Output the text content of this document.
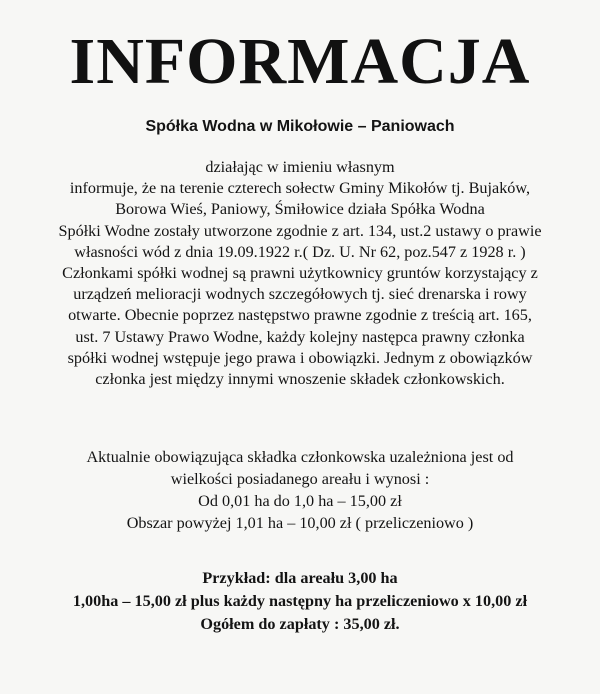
INFORMACJA
Spółka Wodna w Mikołowie – Paniowach
działając w imieniu własnym
informuje, że na terenie czterech sołectw Gminy Mikołów tj. Bujaków,
Borowa Wieś, Paniowy, Śmiłowice działa Spółka Wodna
Spółki Wodne zostały utworzone zgodnie z art. 134, ust.2 ustawy o prawie
własności wód z dnia 19.09.1922 r.( Dz. U. Nr 62, poz.547 z 1928 r. )
Członkami spółki wodnej są prawni użytkownicy gruntów korzystający z
urządzeń melioracji wodnych szczegółowych tj. sieć drenarska i rowy
otwarte. Obecnie poprzez następstwo prawne zgodnie z treścią art. 165,
ust. 7 Ustawy Prawo Wodne, każdy kolejny następca prawny członka
spółki wodnej wstępuje jego prawa i obowiązki. Jednym z obowiązków
członka jest między innymi wnoszenie składek członkowskich.
Aktualnie obowiązująca składka członkowska uzależniona jest od
wielkości posiadanego areału i wynosi :
Od 0,01 ha do 1,0 ha – 15,00 zł
Obszar powyżej 1,01 ha – 10,00 zł ( przeliczeniowo )
Przykład: dla areału 3,00 ha
1,00ha – 15,00 zł plus każdy następny ha przeliczeniowo x 10,00 zł
Ogółem do zapłaty : 35,00 zł.
